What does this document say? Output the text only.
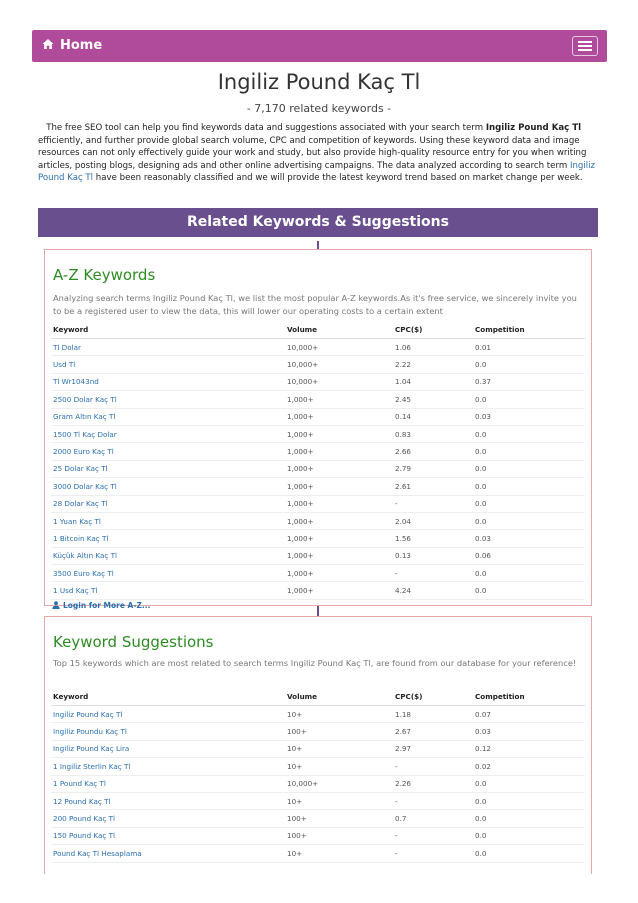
Home
Ingiliz Pound Kaç Tl
- 7,170 related keywords -
The free SEO tool can help you find keywords data and suggestions associated with your search term Ingiliz Pound Kaç Tl efficiently, and further provide global search volume, CPC and competition of keywords. Using these keyword data and image resources can not only effectively guide your work and study, but also provide high-quality resource entry for you when writing articles, posting blogs, designing ads and other online advertising campaigns. The data analyzed according to search term Ingiliz Pound Kaç Tl have been reasonably classified and we will provide the latest keyword trend based on market change per week.
Related Keywords & Suggestions
A-Z Keywords
Analyzing search terms Ingiliz Pound Kaç Tl, we list the most popular A-Z keywords.As it's free service, we sincerely invite you to be a registered user to view the data, this will lower our operating costs to a certain extent
Keyword	Volume	CPC($)	Competition
Tl Dolar	10,000+	1.06	0.01
Usd Tl	10,000+	2.22	0.0
Tl Wr1043nd	10,000+	1.04	0.37
2500 Dolar Kaç Tl	1,000+	2.45	0.0
Gram Altın Kaç Tl	1,000+	0.14	0.03
1500 Tl Kaç Dolar	1,000+	0.83	0.0
2000 Euro Kaç Tl	1,000+	2.66	0.0
25 Dolar Kaç Tl	1,000+	2.79	0.0
3000 Dolar Kaç Tl	1,000+	2.61	0.0
28 Dolar Kaç Tl	1,000+	-	0.0
1 Yuan Kaç Tl	1,000+	2.04	0.0
1 Bitcoin Kaç Tl	1,000+	1.56	0.03
Küçük Altın Kaç Tl	1,000+	0.13	0.06
3500 Euro Kaç Tl	1,000+	-	0.0
1 Usd Kaç Tl	1,000+	4.24	0.0
Login for More A-Z...
Keyword Suggestions
Top 15 keywords which are most related to search terms Ingiliz Pound Kaç Tl, are found from our database for your reference!
Keyword	Volume	CPC($)	Competition
Ingiliz Pound Kaç Tl	10+	1.18	0.07
Ingiliz Poundu Kaç Tl	100+	2.67	0.03
Ingiliz Pound Kaç Lira	10+	2.97	0.12
1 Ingiliz Sterlin Kaç Tl	10+	-	0.02
1 Pound Kaç Tl	10,000+	2.26	0.0
12 Pound Kaç Tl	10+	-	0.0
200 Pound Kaç Tl	100+	0.7	0.0
150 Pound Kaç Tl	100+	-	0.0
Pound Kaç Tl Hesaplama	10+	-	0.0
